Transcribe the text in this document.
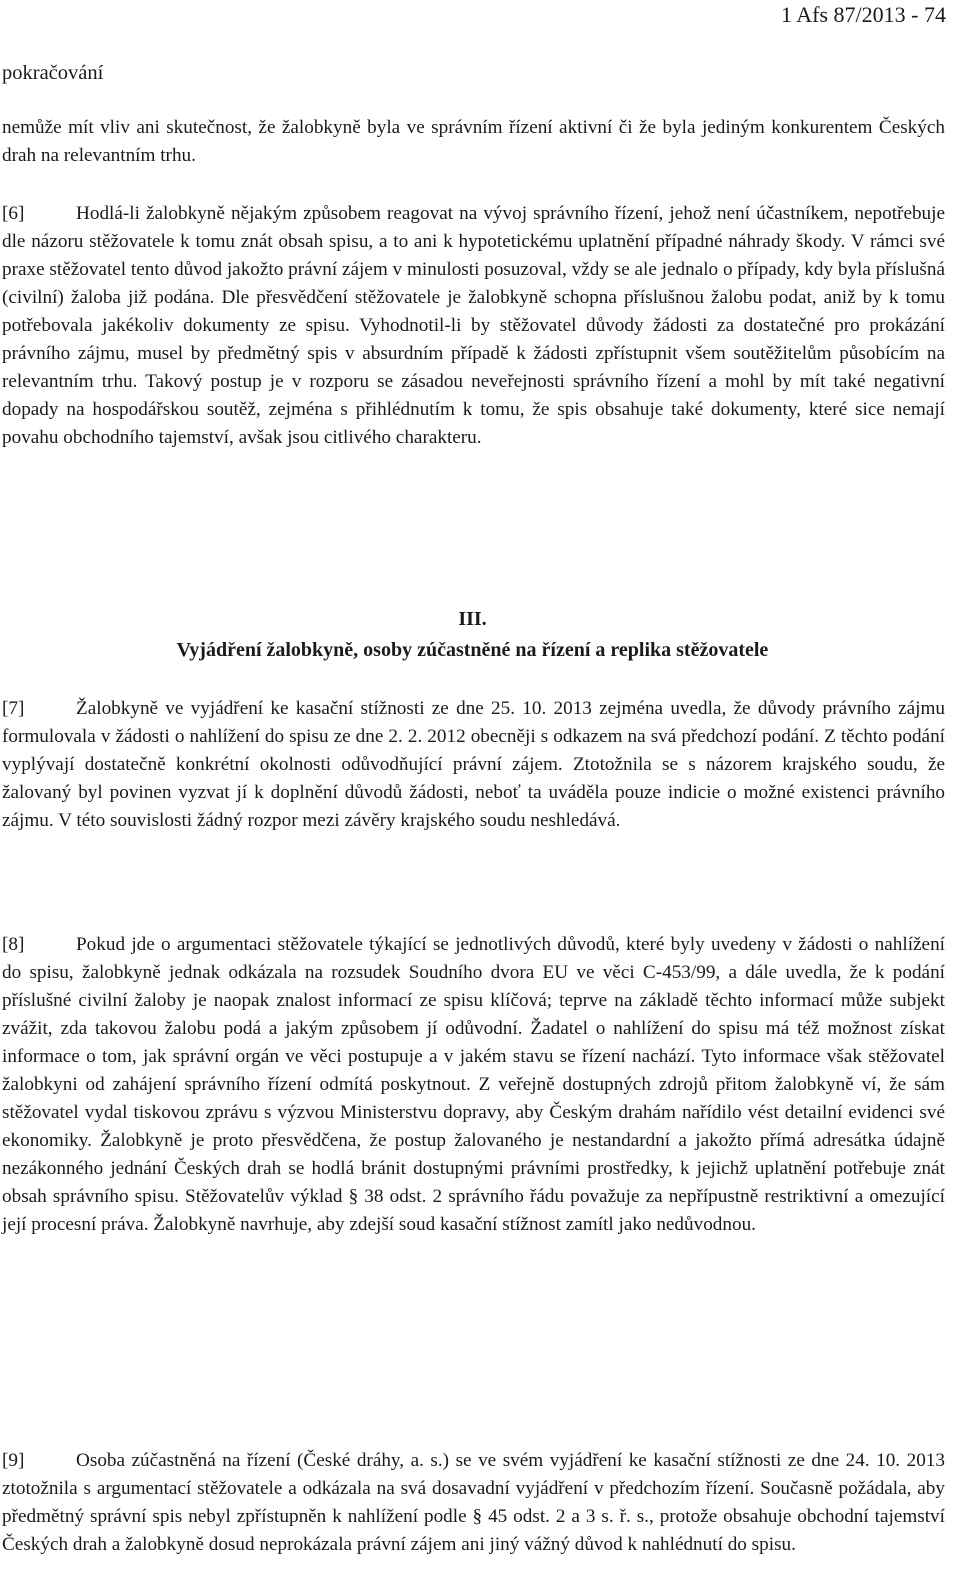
1 Afs 87/2013 - 74
pokračování

nemůže mít vliv ani skutečnost, že žalobkyně byla ve správním řízení aktivní či že byla jediným konkurentem Českých drah na relevantním trhu.

[6]	Hodlá-li žalobkyně nějakým způsobem reagovat na vývoj správního řízení, jehož není účastníkem, nepotřebuje dle názoru stěžovatele k tomu znát obsah spisu, a to ani k hypotetickému uplatnění případné náhrady škody. V rámci své praxe stěžovatel tento důvod jakožto právní zájem v minulosti posuzoval, vždy se ale jednalo o případy, kdy byla příslušná (civilní) žaloba již podána. Dle přesvědčení stěžovatele je žalobkyně schopna příslušnou žalobu podat, aniž by k tomu potřebovala jakékoliv dokumenty ze spisu. Vyhodnotil-li by stěžovatel důvody žádosti za dostatečné pro prokázání právního zájmu, musel by předmětný spis v absurdním případě k žádosti zpřístupnit všem soutěžitelům působícím na relevantním trhu. Takový postup je v rozporu se zásadou neveřejnosti správního řízení a mohl by mít také negativní dopady na hospodářskou soutěž, zejména s přihlédnutím k tomu, že spis obsahuje také dokumenty, které sice nemají povahu obchodního tajemství, avšak jsou citlivého charakteru.

III.
Vyjádření žalobkyně, osoby zúčastněné na řízení a replika stěžovatele

[7]	Žalobkyně ve vyjádření ke kasační stížnosti ze dne 25. 10. 2013 zejména uvedla, že důvody právního zájmu formulovala v žádosti o nahlížení do spisu ze dne 2. 2. 2012 obecněji s odkazem na svá předchozí podání. Z těchto podání vyplývají dostatečně konkrétní okolnosti odůvodňující právní zájem. Ztotožnila se s názorem krajského soudu, že žalovaný byl povinen vyzvat jí k doplnění důvodů žádosti, neboť ta uváděla pouze indicie o možné existenci právního zájmu. V této souvislosti žádný rozpor mezi závěry krajského soudu neshledává.

[8]	Pokud jde o argumentaci stěžovatele týkající se jednotlivých důvodů, které byly uvedeny v žádosti o nahlížení do spisu, žalobkyně jednak odkázala na rozsudek Soudního dvora EU ve věci C-453/99, a dále uvedla, že k podání příslušné civilní žaloby je naopak znalost informací ze spisu klíčová; teprve na základě těchto informací může subjekt zvážit, zda takovou žalobu podá a jakým způsobem jí odůvodní. Žadatel o nahlížení do spisu má též možnost získat informace o tom, jak správní orgán ve věci postupuje a v jakém stavu se řízení nachází. Tyto informace však stěžovatel žalobkyni od zahájení správního řízení odmítá poskytnout. Z veřejně dostupných zdrojů přitom žalobkyně ví, že sám stěžovatel vydal tiskovou zprávu s výzvou Ministerstvu dopravy, aby Českým drahám nařídilo vést detailní evidenci své ekonomiky. Žalobkyně je proto přesvědčena, že postup žalovaného je nestandardní a jakožto přímá adresátka údajně nezákonného jednání Českých drah se hodlá bránit dostupnými právními prostředky, k jejichž uplatnění potřebuje znát obsah správního spisu. Stěžovatelův výklad § 38 odst. 2 správního řádu považuje za nepřípustně restriktivní a omezující její procesní práva. Žalobkyně navrhuje, aby zdejší soud kasační stížnost zamítl jako nedůvodnou.

[9]	Osoba zúčastněná na řízení (České dráhy, a. s.) se ve svém vyjádření ke kasační stížnosti ze dne 24. 10. 2013 ztotožnila s argumentací stěžovatele a odkázala na svá dosavadní vyjádření v předchozím řízení. Současně požádala, aby předmětný správní spis nebyl zpřístupněn k nahlížení podle § 45 odst. 2 a 3 s. ř. s., protože obsahuje obchodní tajemství Českých drah a žalobkyně dosud neprokázala právní zájem ani jiný vážný důvod k nahlédnutí do spisu.
